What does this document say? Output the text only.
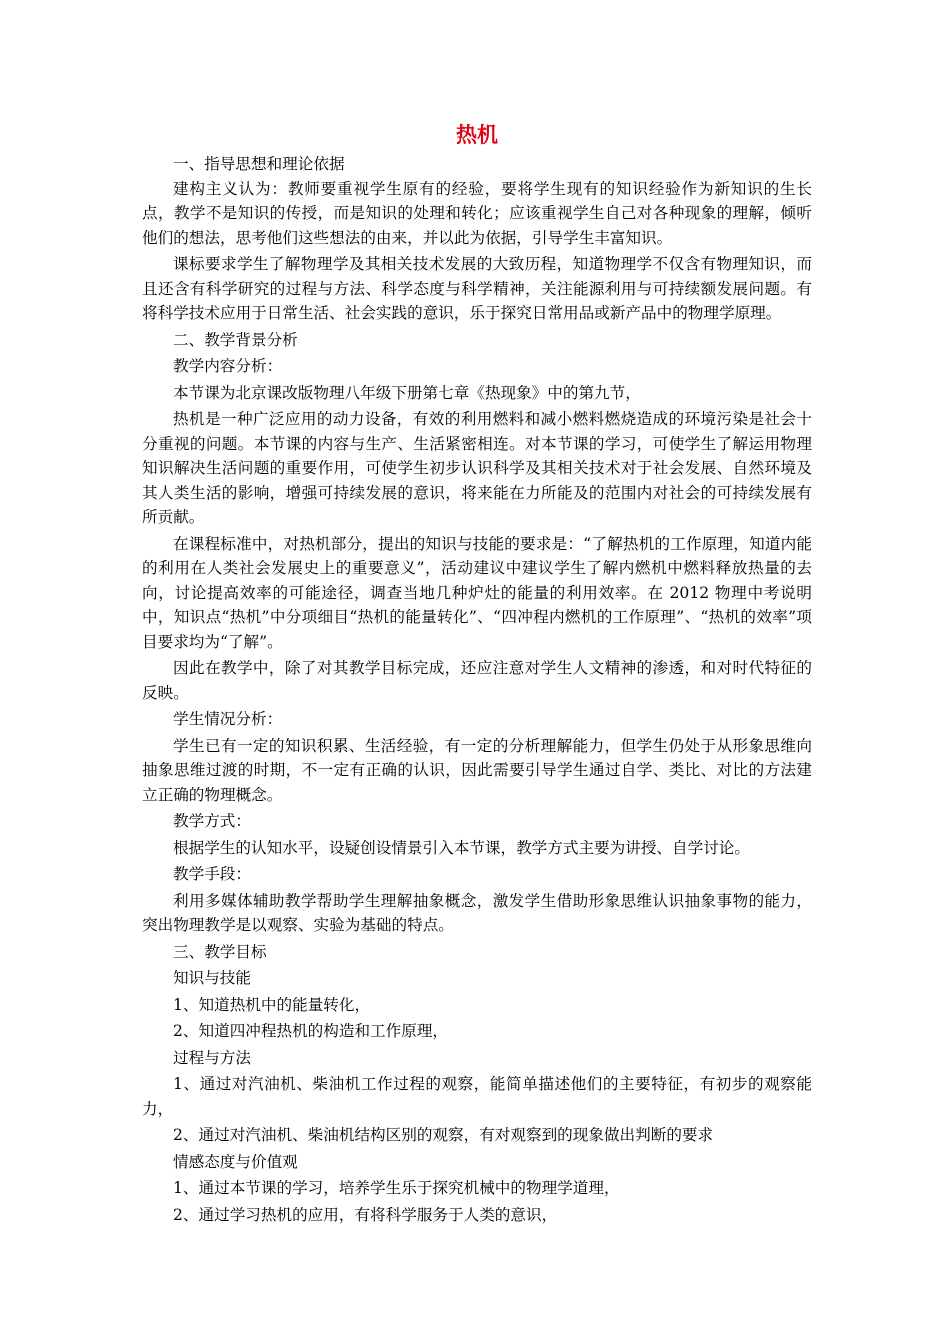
热机
一、指导思想和理论依据
建构主义认为：教师要重视学生原有的经验，要将学生现有的知识经验作为新知识的生长点，教学不是知识的传授，而是知识的处理和转化；应该重视学生自己对各种现象的理解，倾听他们的想法，思考他们这些想法的由来，并以此为依据，引导学生丰富知识。
课标要求学生了解物理学及其相关技术发展的大致历程，知道物理学不仅含有物理知识，而且还含有科学研究的过程与方法、科学态度与科学精神，关注能源利用与可持续额发展问题。有将科学技术应用于日常生活、社会实践的意识，乐于探究日常用品或新产品中的物理学原理。
二、教学背景分析
教学内容分析：
本节课为北京课改版物理八年级下册第七章《热现象》中的第九节，
热机是一种广泛应用的动力设备，有效的利用燃料和减小燃料燃烧造成的环境污染是社会十分重视的问题。本节课的内容与生产、生活紧密相连。对本节课的学习，可使学生了解运用物理知识解决生活问题的重要作用，可使学生初步认识科学及其相关技术对于社会发展、自然环境及其人类生活的影响，增强可持续发展的意识，将来能在力所能及的范围内对社会的可持续发展有所贡献。
在课程标准中，对热机部分，提出的知识与技能的要求是：“了解热机的工作原理，知道内能的利用在人类社会发展史上的重要意义”，活动建议中建议学生了解内燃机中燃料释放热量的去向，讨论提高效率的可能途径，调查当地几种炉灶的能量的利用效率。在 2012 物理中考说明中，知识点“热机”中分项细目“热机的能量转化”、“四冲程内燃机的工作原理”、“热机的效率”项目要求均为“了解”。
因此在教学中，除了对其教学目标完成，还应注意对学生人文精神的渗透，和对时代特征的反映。
学生情况分析：
学生已有一定的知识积累、生活经验，有一定的分析理解能力，但学生仍处于从形象思维向抽象思维过渡的时期，不一定有正确的认识，因此需要引导学生通过自学、类比、对比的方法建立正确的物理概念。
教学方式：
根据学生的认知水平，设疑创设情景引入本节课，教学方式主要为讲授、自学讨论。
教学手段：
利用多媒体辅助教学帮助学生理解抽象概念，激发学生借助形象思维认识抽象事物的能力，突出物理教学是以观察、实验为基础的特点。
三、教学目标
知识与技能
1、知道热机中的能量转化，
2、知道四冲程热机的构造和工作原理，
过程与方法
1、通过对汽油机、柴油机工作过程的观察，能简单描述他们的主要特征，有初步的观察能力，
2、通过对汽油机、柴油机结构区别的观察，有对观察到的现象做出判断的要求
情感态度与价值观
1、通过本节课的学习，培养学生乐于探究机械中的物理学道理，
2、通过学习热机的应用，有将科学服务于人类的意识，
